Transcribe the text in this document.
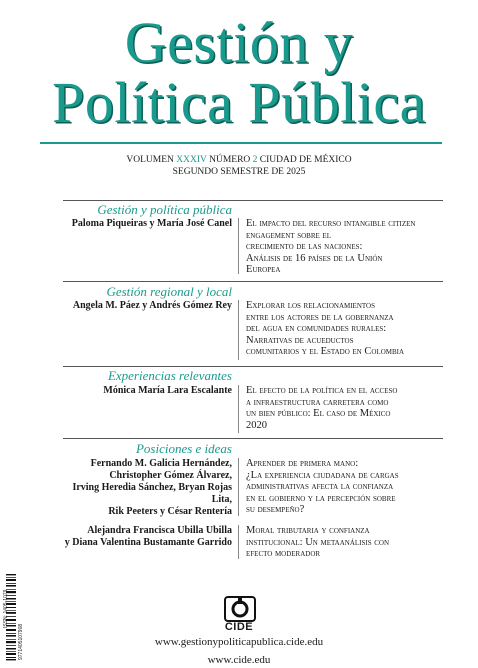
Gestión y
Política Pública
VOLUMEN XXXIV NÚMERO 2 CIUDAD DE MÉXICO
SEGUNDO SEMESTRE DE 2025
Gestión y política pública
Paloma Piqueiras y María José Canel El impacto del recurso intangible citizen engagement sobre el
crecimiento de las naciones:
Análisis de 16 países de la Unión
Europea
Gestión regional y local
Angela M. Páez y Andrés Gómez Rey Explorar los relacionamientos
entre los actores de la gobernanza
del agua en comunidades rurales:
Narrativas de acueductos
comunitarios y el Estado en Colombia
Experiencias relevantes
Mónica María Lara Escalante El efecto de la política en el acceso
a infraestructura carretera como
un bien público: El caso de México
2020
Posiciones e ideas
Fernando M. Galicia Hernández,
Christopher Gómez Álvarez,
Irving Heredia Sánchez, Bryan Rojas Lita,
Rik Peeters y César Rentería
Aprender de primera mano:
¿La experiencia ciudadana de cargas
administrativas afecta la confianza
en el gobierno y la percepción sobre
su desempeño?
Alejandra Francisca Ubilla Ubilla
y Diana Valentina Bustamante Garrido
Moral tributaria y confianza
institucional: Un metaanálisis con
efecto moderador
ISSN: 1405-1079
9771405107908	CIDE
www.gestionypoliticapublica.cide.edu
www.cide.edu
